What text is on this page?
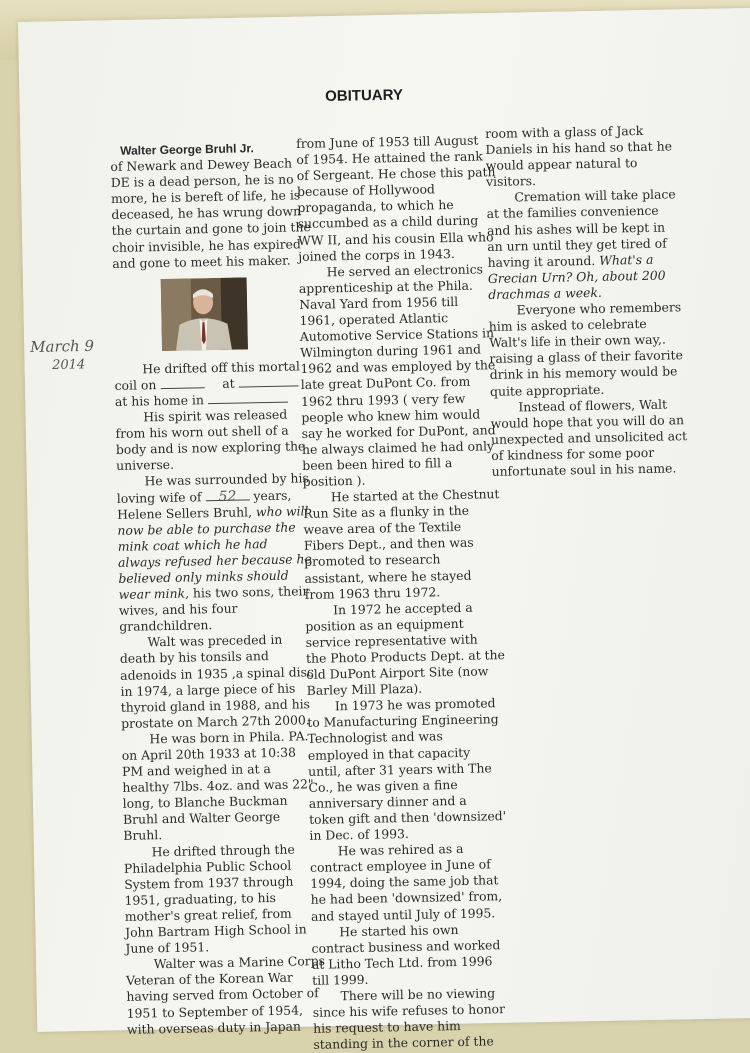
OBITUARY
March 9
2014
Walter George Bruhl Jr.
of Newark and Dewey Beach
DE is a dead person, he is no
more, he is bereft of life, he is
deceased, he has wrung down
the curtain and gone to join the
choir invisible, he has expired
and gone to meet his maker.
He drifted off this mortal
coil on	at
at his home in
His spirit was released
from his worn out shell of a
body and is now exploring the
universe.
He was surrounded by his
loving wife of 52 years,
Helene Sellers Bruhl, who will
now be able to purchase the
mink coat which he had
always refused her because he
believed only minks should
wear mink, his two sons, their
wives, and his four
grandchildren.
Walt was preceded in
death by his tonsils and
adenoids in 1935 ,a spinal disc
in 1974, a large piece of his
thyroid gland in 1988, and his
prostate on March 27th 2000.
He was born in Phila. PA.
on April 20th 1933 at 10:38
PM and weighed in at a
healthy 7lbs. 4oz. and was 22"
long, to Blanche Buckman
Bruhl and Walter George
Bruhl.
He drifted through the
Philadelphia Public School
System from 1937 through
1951, graduating, to his
mother's great relief, from
John Bartram High School in
June of 1951.
Walter was a Marine Corps
Veteran of the Korean War
having served from October of
1951 to September of 1954,
with overseas duty in Japan
from June of 1953 till August
of 1954. He attained the rank
of Sergeant. He chose this path
because of Hollywood
propaganda, to which he
succumbed as a child during
WW II, and his cousin Ella who
joined the corps in 1943.
He served an electronics
apprenticeship at the Phila.
Naval Yard from 1956 till
1961, operated Atlantic
Automotive Service Stations in
Wilmington during 1961 and
1962 and was employed by the
late great DuPont Co. from
1962 thru 1993 ( very few
people who knew him would
say he worked for DuPont, and
he always claimed he had only
been been hired to fill a
position ).
He started at the Chestnut
Run Site as a flunky in the
weave area of the Textile
Fibers Dept., and then was
promoted to research
assistant, where he stayed
from 1963 thru 1972.
In 1972 he accepted a
position as an equipment
service representative with
the Photo Products Dept. at the
old DuPont Airport Site (now
Barley Mill Plaza).
In 1973 he was promoted
to Manufacturing Engineering
Technologist and was
employed in that capacity
until, after 31 years with The
Co., he was given a fine
anniversary dinner and a
token gift and then 'downsized'
in Dec. of 1993.
He was rehired as a
contract employee in June of
1994, doing the same job that
he had been 'downsized' from,
and stayed until July of 1995.
He started his own
contract business and worked
at Litho Tech Ltd. from 1996
till 1999.
There will be no viewing
since his wife refuses to honor
his request to have him
standing in the corner of the
room with a glass of Jack
Daniels in his hand so that he
would appear natural to
visitors.
Cremation will take place
at the families convenience
and his ashes will be kept in
an urn until they get tired of
having it around. What's a
Grecian Urn? Oh, about 200
drachmas a week.
Everyone who remembers
him is asked to celebrate
Walt's life in their own way,.
raising a glass of their favorite
drink in his memory would be
quite appropriate.
Instead of flowers, Walt
would hope that you will do an
unexpected and unsolicited act
of kindness for some poor
unfortunate soul in his name.
